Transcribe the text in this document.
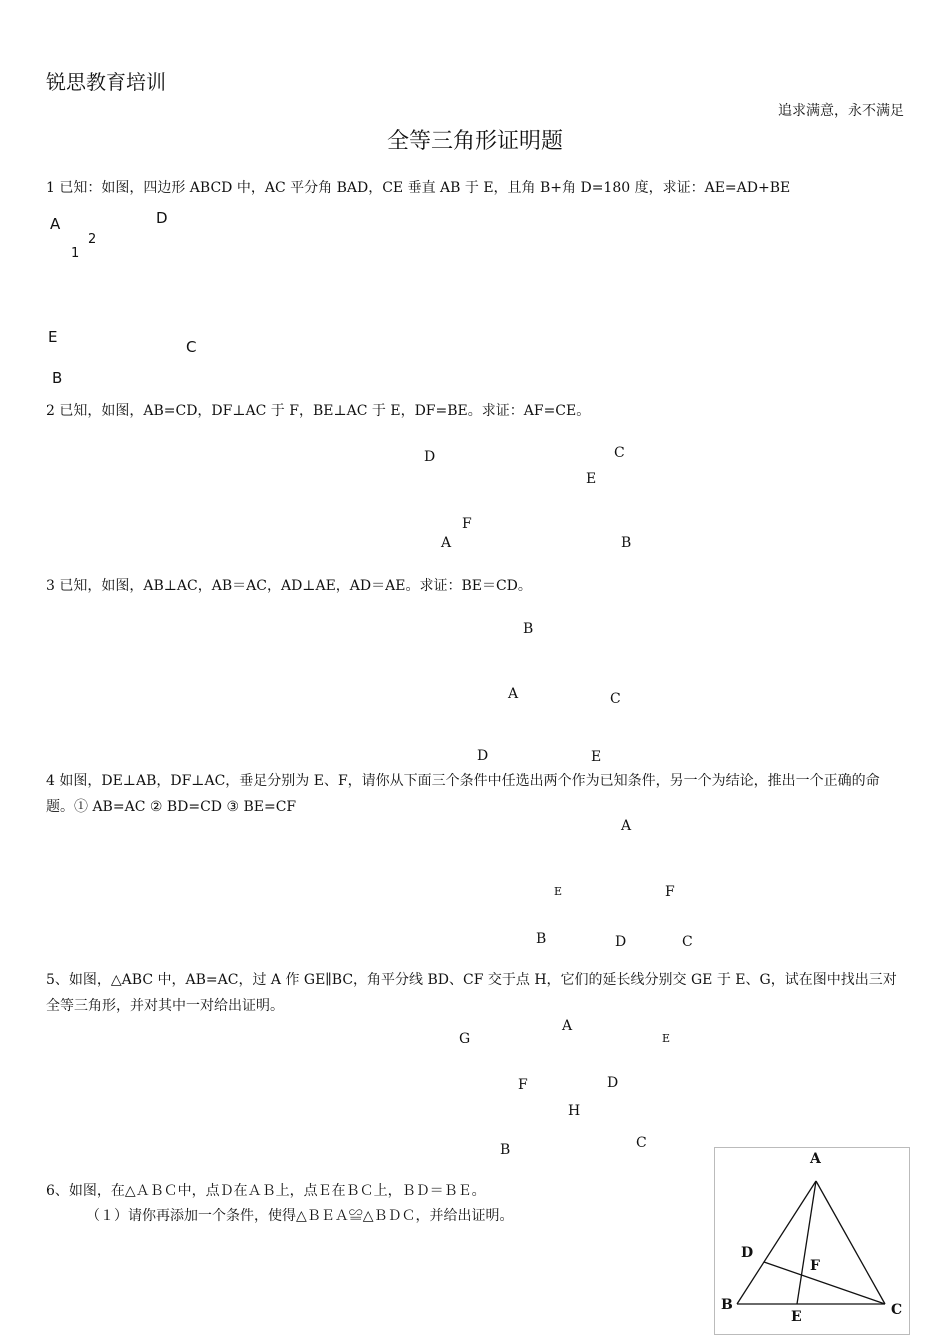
锐思教育培训
追求满意，永不满足
全等三角形证明题
1 已知：如图，四边形 ABCD 中，AC 平分角 BAD，CE 垂直 AB 于 E，且角 B+角 D=180 度，求证：AE=AD+BE
A	D
2
1
E
C
B
2 已知，如图，AB=CD，DF⊥AC 于 F，BE⊥AC 于 E，DF=BE。求证：AF=CE。
D	C
E
F
A	B
3 已知，如图，AB⊥AC，AB＝AC，AD⊥AE，AD＝AE。求证：BE＝CD。
B
A	C
D	E
4 如图，DE⊥AB，DF⊥AC，垂足分别为 E、F，请你从下面三个条件中任选出两个作为已知条件，另一个为结论，推出一个正确的命题。① AB=AC ② BD=CD ③ BE=CF
A
E	F
B	D	C
5、如图，△ABC 中，AB=AC，过 A 作 GE∥BC，角平分线 BD、CF 交于点 H，它们的延长线分别交 GE 于 E、G，试在图中找出三对全等三角形，并对其中一对给出证明。
A
G	E
F	D
H
B	C
6、如图，在△ＡＢＣ中，点Ｄ在ＡＢ上，点Ｅ在ＢＣ上，ＢＤ＝ＢＥ。
（１）请你再添加一个条件，使得△ＢＥＡ≌△ＢＤＣ，并给出证明。
A
D
F
B
E	C
